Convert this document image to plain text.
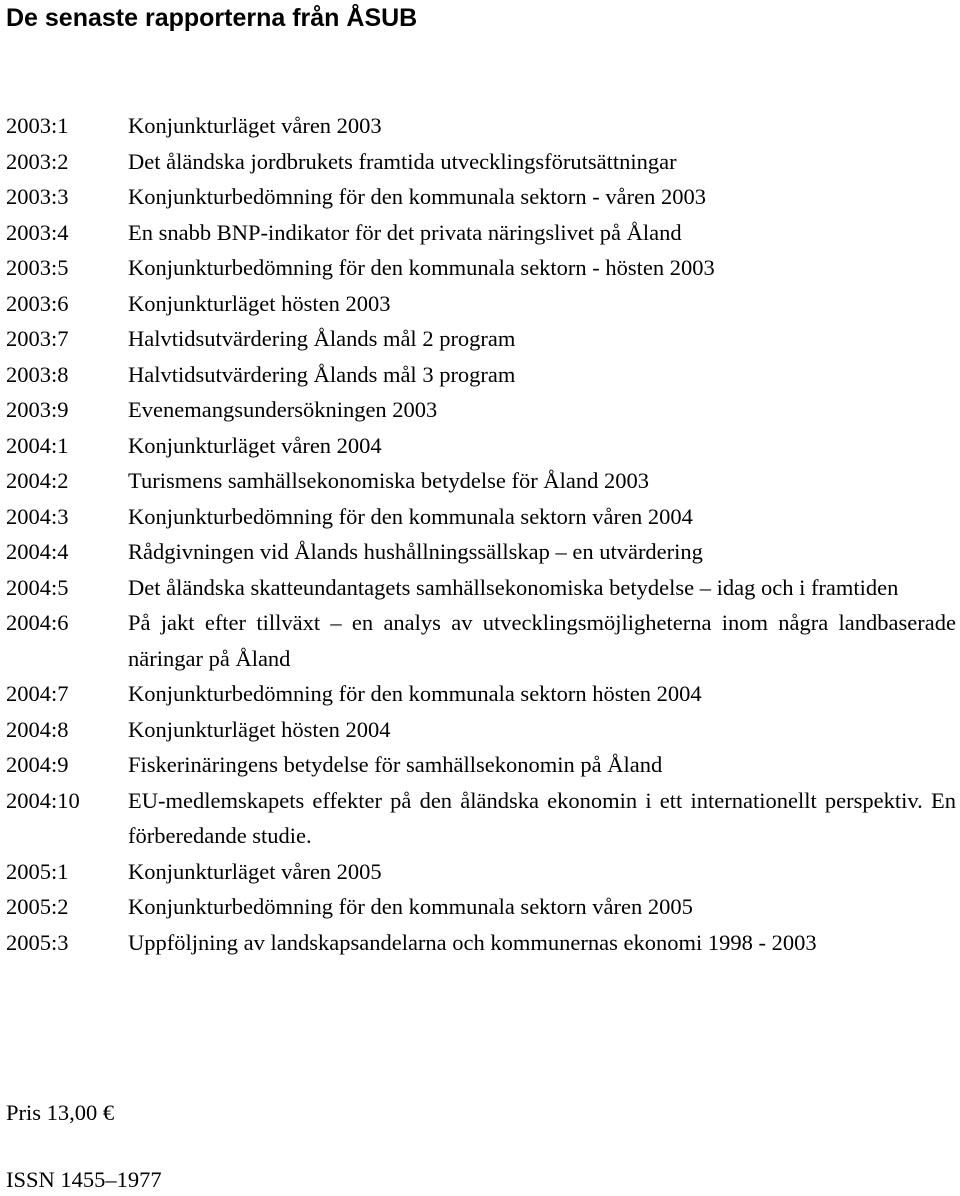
De senaste rapporterna från ÅSUB
2003:1	Konjunkturläget våren 2003
2003:2	Det åländska jordbrukets framtida utvecklingsförutsättningar
2003:3	Konjunkturbedömning för den kommunala sektorn - våren 2003
2003:4	En snabb BNP-indikator för det privata näringslivet på Åland
2003:5	Konjunkturbedömning för den kommunala sektorn - hösten 2003
2003:6	Konjunkturläget hösten 2003
2003:7	Halvtidsutvärdering Ålands mål 2 program
2003:8	Halvtidsutvärdering Ålands mål 3 program
2003:9	Evenemangsundersökningen 2003
2004:1	Konjunkturläget våren 2004
2004:2	Turismens samhällsekonomiska betydelse för Åland 2003
2004:3	Konjunkturbedömning för den kommunala sektorn våren 2004
2004:4	Rådgivningen vid Ålands hushållningssällskap – en utvärdering
2004:5	Det åländska skatteundantagets samhällsekonomiska betydelse – idag och i framtiden
2004:6	På jakt efter tillväxt – en analys av utvecklingsmöjligheterna inom några landbaserade näringar på Åland
2004:7	Konjunkturbedömning för den kommunala sektorn hösten 2004
2004:8	Konjunkturläget hösten 2004
2004:9	Fiskerinäringens betydelse för samhällsekonomin på Åland
2004:10	EU-medlemskapets effekter på den åländska ekonomin i ett internationellt perspektiv. En förberedande studie.
2005:1	Konjunkturläget våren 2005
2005:2	Konjunkturbedömning för den kommunala sektorn våren 2005
2005:3	Uppföljning av landskapsandelarna och kommunernas ekonomi 1998 - 2003
Pris 13,00 €
ISSN 1455–1977
